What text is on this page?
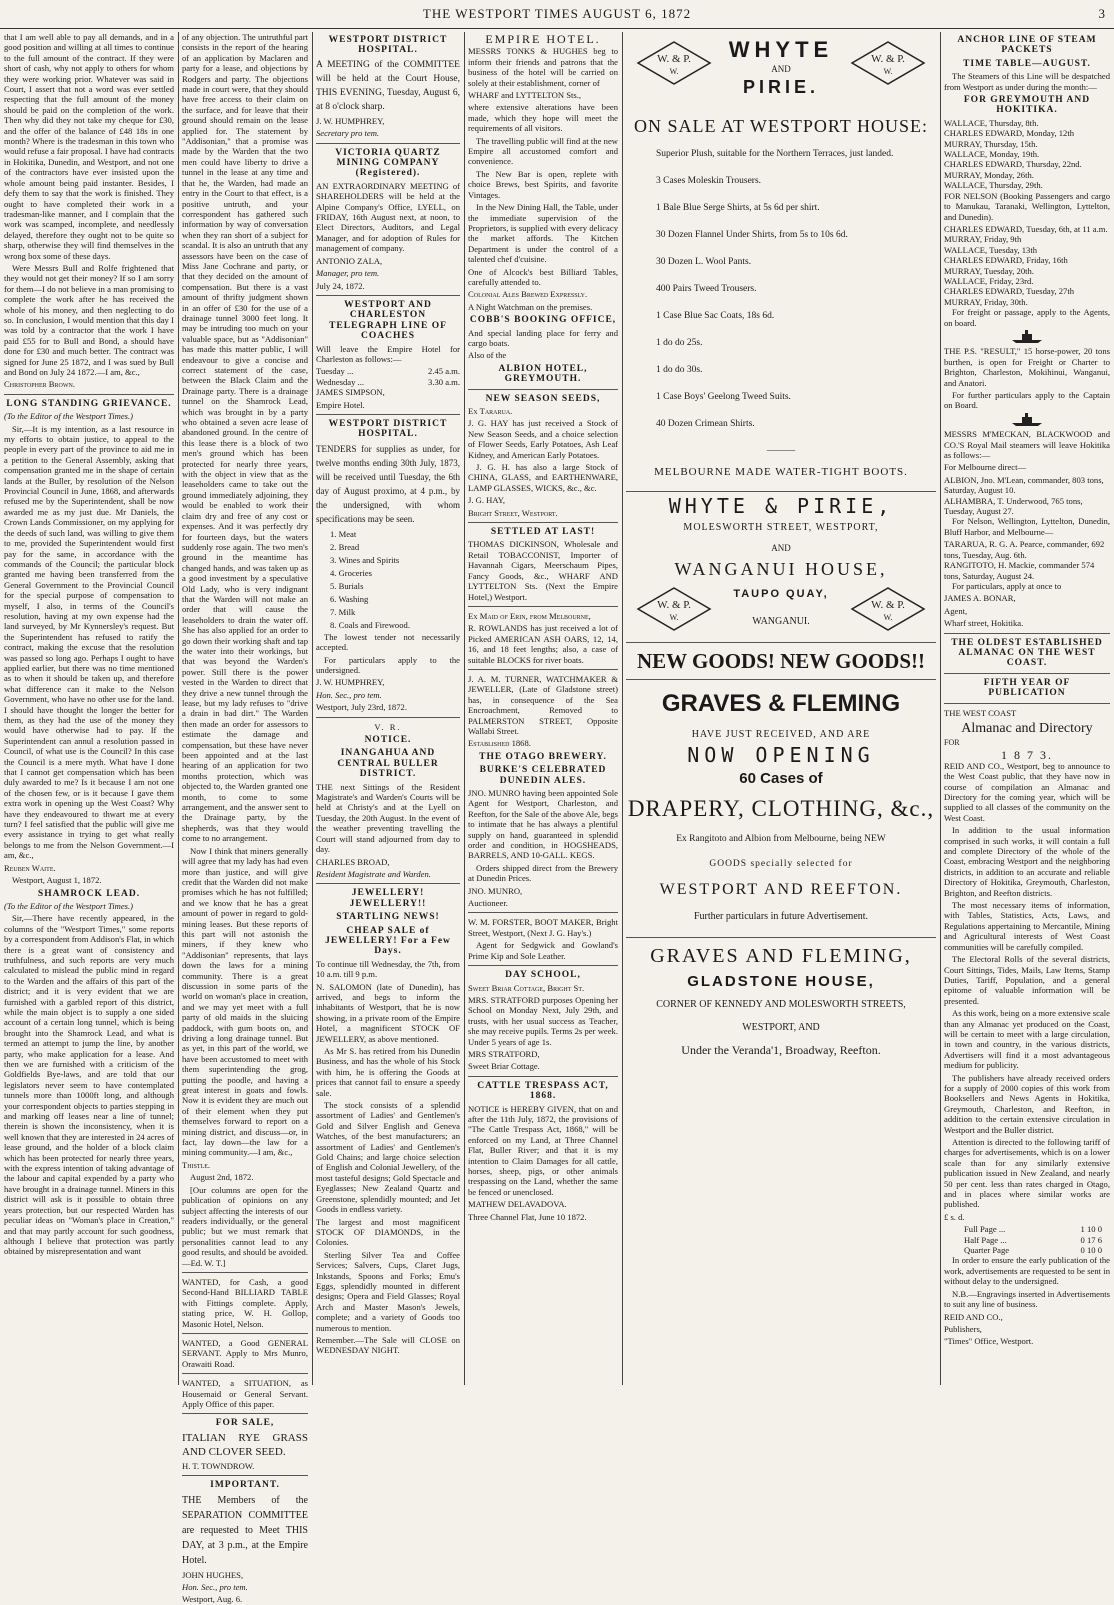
THE WESTPORT TIMES AUGUST 6, 1872	3

that I am well able to pay all demands, and in a good position and willing at all times to continue to the full amount of the contract. If they were short of cash, why not apply to others for whom they were working prior. Whatever was said in Court, I assert that not a word was ever settled respecting that the full amount of the money should be paid on the completion of the work. Then why did they not take my cheque for £30, and the offer of the balance of £48 18s in one month? Where is the tradesman in this town who would refuse a fair proposal. I have had contracts in Hokitika, Dunedin, and Westport, and not one of the contractors have ever insisted upon the whole amount being paid instanter. Besides, I defy them to say that the work is finished. They ought to have completed their work in a tradesman-like manner, and I complain that the work was scamped, incomplete, and needlessly delayed, therefore they ought not to be quite so sharp, otherwise they will find themselves in the wrong box some of these days.

Were Messrs Bull and Rolfe frightened that they would not get their money? If so I am sorry for them—I do not believe in a man promising to complete the work after he has received the whole of his money, and then neglecting to do so. In conclusion, I would mention that this day I was told by a contractor that the work I have paid £55 for to Bull and Bond, a should have done for £30 and much better. The contract was signed for June 25 1872, and I was sued by Bull and Bond on July 24 1872.—I am, &c.,

Christopher Brown.

LONG STANDING GRIEVANCE.

(To the Editor of the Westport Times.)

Sir,—It is my intention, as a last resource in my efforts to obtain justice, to appeal to the people in every part of the province to aid me in a petition to the General Assembly, asking that compensation granted me in the shape of certain lands at the Buller, by resolution of the Nelson Provincial Council in June, 1868, and afterwards refused me by the Superintendent, shall be now awarded me as my just due. Mr Daniels, the Crown Lands Commissioner, on my applying for the deeds of such land, was willing to give them to me, provided the Superintendent would first pay for the same, in accordance with the commands of the Council; the particular block granted me having been transferred from the General Government to the Provincial Council for the special purpose of compensation to myself, I also, in terms of the Council's resolution, having at my own expense had the land surveyed, by Mr Kynnersley's request. But the Superintendent has refused to ratify the contract, making the excuse that the resolution was passed so long ago. Perhaps I ought to have applied earlier, but there was no time mentioned as to when it should be taken up, and therefore what difference can it make to the Nelson Government, who have no other use for the land. I should have thought the longer the better for them, as they had the use of the money they would have otherwise had to pay. If the Superintendent can annul a resolution passed in Council, of what use is the Council? In this case the Council is a mere myth. What have I done that I cannot get compensation which has been duly awarded to me? Is it because I am not one of the chosen few, or is it because I gave them extra work in opening up the West Coast? Why have they endeavoured to thwart me at every turn? I feel satisfied that the public will give me every assistance in trying to get what really belongs to me from the Nelson Government.—I am, &c.,

Reuben Waite.

Westport, August 1, 1872.

SHAMROCK LEAD.

(To the Editor of the Westport Times.)

Sir,—There have recently appeared, in the columns of the "Westport Times," some reports by a correspondent from Addison's Flat, in which there is a great want of consistency and truthfulness, and such reports are very much calculated to mislead the public mind in regard to the Warden and the affairs of this part of the district; and it is very evident that we are furnished with a garbled report of this district, while the main object is to supply a one sided account of a certain long tunnel, which is being brought into the Shamrock Lead, and what is termed an attempt to jump the line, by another party, who make application for a lease. And then we are furnished with a criticism of the Goldfields Bye-laws, and are told that our legislators never seem to have contemplated tunnels more than 1000ft long, and although your correspondent objects to parties stepping in and marking off leases near a line of tunnel; therein is shown the inconsistency, when it is well known that they are interested in 24 acres of lease ground, and the holder of a block claim which has been protected for nearly three years, with the express intention of taking advantage of the labour and capital expended by a party who have brought in a drainage tunnel. Miners in this district will ask is it possible to obtain three years protection, but our respected Warden has peculiar ideas on "Woman's place in Creation," and that may partly account for such goodness, although I believe that protection was partly obtained by misrepresentation and want

of any objection. The untruthful part consists in the report of the hearing of an application by Maclaren and party for a lease, and objections by Rodgers and party. The objections made in court were, that they should have free access to their claim on the surface, and for leave that their ground should remain on the lease applied for. The statement by "Addisonian," that a promise was made by the Warden that the two men could have liberty to drive a tunnel in the lease at any time and that he, the Warden, had made an entry in the Court to that effect, is a positive untruth, and your correspondent has gathered such information by way of conversation when they ran short of a subject for scandal. It is also an untruth that any assessors have been on the case of Miss Jane Cochrane and party, or that they decided on the amount of compensation. But there is a vast amount of thrifty judgment shown in an offer of £30 for the use of a drainage tunnel 3000 feet long. It may be intruding too much on your valuable space, but as "Addisonian" has made this matter public, I will endeavour to give a concise and correct statement of the case, between the Black Claim and the Drainage party. There is a drainage tunnel on the Shamrock Lead, which was brought in by a party who obtained a seven acre lease of abandoned ground. In the centre of this lease there is a block of two men's ground which has been protected for nearly three years, with the object in view that as the leaseholders came to take out the ground immediately adjoining, they would be enabled to work their claim dry and free of any cost or expenses. And it was perfectly dry for fourteen days, but the waters suddenly rose again. The two men's ground in the meantime has changed hands, and was taken up as a good investment by a speculative Old Lady, who is very indignant that the Warden will not make an order that will cause the leaseholders to drain the water off. She has also applied for an order to go down their working shaft and tap the water into their workings, but that was beyond the Warden's power. Still there is the power vested in the Warden to direct that they drive a new tunnel through the lease, but my lady refuses to "drive a drain in bad dirt." The Warden then made an order for assessors to estimate the damage and compensation, but these have never been appointed and at the last hearing of an application for two months protection, which was objected to, the Warden granted one month, to come to some arrangement, and the answer sent to the Drainage party, by the shepherds, was that they would come to no arrangement.

Now I think that miners generally will agree that my lady has had even more than justice, and will give credit that the Warden did not make promises which he has not fulfilled; and we know that he has a great amount of power in regard to gold-mining leases. But these reports of this part will not astonish the miners, if they knew who "Addisonian" represents, that lays down the laws for a mining community. There is a great discussion in some parts of the world on woman's place in creation, and we may yet meet with a full party of old maids in the sluicing paddock, with gum boots on, and driving a long drainage tunnel. But as yet, in this part of the world, we have been accustomed to meet with them superintending the grog, putting the poodle, and having a great interest in goats and fowls. Now it is evident they are much out of their element when they put themselves forward to report on a mining district, and discuss—or, in fact, lay down—the law for a mining community.—I am, &c.,

Thistle.

August 2nd, 1872.

[Our columns are open for the publication of opinions on any subject affecting the interests of our readers individually, or the general public; but we must remark that personalities cannot lead to any good results, and should be avoided.—Ed. W. T.]

WANTED, for Cash, a good Second-Hand BILLIARD TABLE with Fittings complete. Apply, stating price, W. H. Gollop, Masonic Hotel, Nelson.

WANTED, a Good GENERAL SERVANT. Apply to Mrs Munro, Orawaiti Road.

WANTED, a SITUATION, as Housemaid or General Servant. Apply Office of this paper.

FOR SALE,

ITALIAN RYE GRASS AND CLOVER SEED.

H. T. TOWNDROW.

IMPORTANT.

THE Members of the SEPARATION COMMITTEE are requested to Meet THIS DAY, at 3 p.m., at the Empire Hotel.

JOHN HUGHES,

Hon. Sec., pro tem.

Westport, Aug. 6.

WESTPORT DISTRICT HOSPITAL.

A MEETING of the COMMITTEE will be held at the Court House, THIS EVENING, Tuesday, August 6, at 8 o'clock sharp.

J. W. HUMPHREY,

Secretary pro tem.

VICTORIA QUARTZ MINING COMPANY (Registered).

AN EXTRAORDINARY MEETING of SHAREHOLDERS will be held at the Alpine Company's Office, LYELL, on FRIDAY, 16th August next, at noon, to Elect Directors, Auditors, and Legal Manager, and for adoption of Rules for management of company.

ANTONIO ZALA,

Manager, pro tem.

July 24, 1872.

WESTPORT AND CHARLESTON TELEGRAPH LINE OF COACHES

Will leave the Empire Hotel for Charleston as follows:—

Tuesday ...	2.45 a.m.
Wednesday ...	3.30 a.m.

JAMES SIMPSON,

Empire Hotel.

WESTPORT DISTRICT HOSPITAL.

TENDERS for supplies as under, for twelve months ending 30th July, 1873, will be received until Tuesday, the 6th day of August proximo, at 4 p.m., by the undersigned, with whom specifications may be seen.

1. Meat
2. Bread
3. Wines and Spirits
4. Groceries
5. Burials
6. Washing
7. Milk
8. Coals and Firewood.

The lowest tender not necessarily accepted.

For particulars apply to the undersigned.

J. W. HUMPHREY,

Hon. Sec., pro tem.

Westport, July 23rd, 1872.

V. R.
NOTICE.
INANGAHUA AND CENTRAL BULLER DISTRICT.

THE next Sittings of the Resident Magistrate's and Warden's Courts will be held at Christy's and at the Lyell on Tuesday, the 20th August. In the event of the weather preventing travelling the Court will stand adjourned from day to day.

CHARLES BROAD,

Resident Magistrate and Warden.

JEWELLERY! JEWELLERY!!
STARTLING NEWS!
CHEAP SALE of JEWELLERY! For a Few Days.

To continue till Wednesday, the 7th, from 10 a.m. till 9 p.m.

N. SALOMON (late of Dunedin), has arrived, and begs to inform the inhabitants of Westport, that he is now showing, in a private room of the Empire Hotel, a magnificent STOCK OF JEWELLERY, as above mentioned.

As Mr S. has retired from his Dunedin Business, and has the whole of his Stock with him, he is offering the Goods at prices that cannot fail to ensure a speedy sale.

The stock consists of a splendid assortment of Ladies' and Gentlemen's Gold and Silver English and Geneva Watches, of the best manufacturers; an assortment of Ladies' and Gentlemen's Gold Chains; and large choice selection of English and Colonial Jewellery, of the most tasteful designs; Gold Spectacle and Eyeglasses; New Zealand Quartz and Greenstone, splendidly mounted; and Jet Goods in endless variety.

The largest and most magnificent STOCK OF DIAMONDS, in the Colonies.

Sterling Silver Tea and Coffee Services; Salvers, Cups, Claret Jugs, Inkstands, Spoons and Forks; Emu's Eggs, splendidly mounted in different designs; Opera and Field Glasses; Royal Arch and Master Mason's Jewels, complete; and a variety of Goods too numerous to mention.

Remember.—The Sale will CLOSE on WEDNESDAY NIGHT.

EMPIRE HOTEL.

MESSRS TONKS & HUGHES beg to inform their friends and patrons that the business of the hotel will be carried on solely at their establishment, corner of

WHARF and LYTTELTON Sts.,

where extensive alterations have been made, which they hope will meet the requirements of all visitors.

The travelling public will find at the new Empire all accustomed comfort and convenience.

The New Bar is open, replete with choice Brews, best Spirits, and favorite Vintages.

In the New Dining Hall, the Table, under the immediate supervision of the Proprietors, is supplied with every delicacy the market affords. The Kitchen Department is under the control of a talented chef d'cuisine.

One of Alcock's best Billiard Tables, carefully attended to.

Colonial Ales Brewed Expressly.

A Night Watchman on the premises.

COBB'S BOOKING OFFICE,

And special landing place for ferry and cargo boats.

Also of the

ALBION HOTEL, GREYMOUTH.
NEW SEASON SEEDS,

Ex Tararua.

J. G. HAY has just received a Stock of New Season Seeds, and a choice selection of Flower Seeds, Early Potatoes, Ash Leaf Kidney, and American Early Potatoes.

J. G. H. has also a large Stock of CHINA, GLASS, and EARTHENWARE, LAMP GLASSES, WICKS, &c., &c.

J. G. HAY,

Bright Street, Westport.

SETTLED AT LAST!

THOMAS DICKINSON, Wholesale and Retail TOBACCONIST, Importer of Havannah Cigars, Meerschaum Pipes, Fancy Goods, &c., WHARF AND LYTTELTON Sts. (Next the Empire Hotel,) Westport.

Ex Maid of Erin, from Melbourne,

R. ROWLANDS has just received a lot of Picked AMERICAN ASH OARS, 12, 14, 16, and 18 feet lengths; also, a case of suitable BLOCKS for river boats.

J. A. M. TURNER, WATCHMAKER & JEWELLER, (Late of Gladstone street) has, in consequence of the Sea Encroachment, Removed to PALMERSTON STREET, Opposite Wallabi Street.

Established 1868.

THE OTAGO BREWERY.
BURKE'S CELEBRATED DUNEDIN ALES.

JNO. MUNRO having been appointed Sole Agent for Westport, Charleston, and Reefton, for the Sale of the above Ale, begs to intimate that he has always a plentiful supply on hand, guaranteed in splendid order and condition, in HOGSHEADS, BARRELS, AND 10-GALL. KEGS.

Orders shipped direct from the Brewery at Dunedin Prices.

JNO. MUNRO,

Auctioneer.

W. M. FORSTER, BOOT MAKER, Bright Street, Westport, (Next J. G. Hay's.)

Agent for Sedgwick and Gowland's Prime Kip and Sole Leather.

DAY SCHOOL,

Sweet Briar Cottage, Bright St.

MRS. STRATFORD purposes Opening her School on Monday Next, July 29th, and trusts, with her usual success as Teacher, she may receive pupils. Terms 2s per week. Under 5 years of age 1s.

MRS STRATFORD,

Sweet Briar Cottage.

CATTLE TRESPASS ACT, 1868.

NOTICE is HEREBY GIVEN, that on and after the 11th July, 1872, the provisions of "The Cattle Trespass Act, 1868," will be enforced on my Land, at Three Channel Flat, Buller River; and that it is my intention to Claim Damages for all cattle, horses, sheep, pigs, or other animals trespassing on the Land, whether the same be fenced or unenclosed.

MATHEW DELAVADOVA.

Three Channel Flat, June 10 1872.

W. & P.
W.
W. & P.
W.
WHYTE
AND
PIRIE.
ON SALE AT WESTPORT HOUSE:
Superior Plush, suitable for the Northern Terraces, just landed.
3 Cases Moleskin Trousers.
1 Bale Blue Serge Shirts, at 5s 6d per shirt.
30 Dozen Flannel Under Shirts, from 5s to 10s 6d.
30 Dozen L. Wool Pants.
400 Pairs Tweed Trousers.
1 Case Blue Sac Coats, 18s 6d.
1 do do 25s.
1 do do 30s.
1 Case Boys' Geelong Tweed Suits.
40 Dozen Crimean Shirts.
———
MELBOURNE MADE WATER-TIGHT BOOTS.
WHYTE & PIRIE,
MOLESWORTH STREET, WESTPORT,
AND
WANGANUI HOUSE,
W. & P.
W.
W. & P.
W.
TAUPO QUAY,
WANGANUI.
NEW GOODS! NEW GOODS!!
GRAVES & FLEMING
HAVE JUST RECEIVED, AND ARE
NOW OPENING
60 Cases of
DRAPERY, CLOTHING, &c.,
Ex Rangitoto and Albion from Melbourne, being NEW
GOODS specially selected for
WESTPORT AND REEFTON.
Further particulars in future Advertisement.
GRAVES AND FLEMING,
GLADSTONE HOUSE,
CORNER OF KENNEDY AND MOLESWORTH STREETS,
WESTPORT, AND
Under the Veranda'1, Broadway, Reefton.
ANCHOR LINE OF STEAM PACKETS
TIME TABLE—AUGUST.

The Steamers of this Line will be despatched from Westport as under during the month:—

FOR GREYMOUTH AND HOKITIKA.
WALLACE, Thursday, 8th.
CHARLES EDWARD, Monday, 12th
MURRAY, Thursday, 15th.
WALLACE, Monday, 19th.
CHARLES EDWARD, Thursday, 22nd.
MURRAY, Monday, 26th.
WALLACE, Thursday, 29th.

FOR NELSON (Booking Passengers and cargo to Manukau, Taranaki, Wellington, Lyttelton, and Dunedin).

CHARLES EDWARD, Tuesday, 6th, at 11 a.m.
MURRAY, Friday, 9th
WALLACE, Tuesday, 13th
CHARLES EDWARD, Friday, 16th
MURRAY, Tuesday, 20th.
WALLACE, Friday, 23rd.
CHARLES EDWARD, Tuesday, 27th
MURRAY, Friday, 30th.

For freight or passage, apply to the Agents, on board.

THE P.S. "RESULT," 15 horse-power, 20 tons burthen, is open for Freight or Charter to Brighton, Charleston, Mokihinui, Wanganui, and Anatori.

For further particulars apply to the Captain on Board.

MESSRS M'MECKAN, BLACKWOOD and CO.'S Royal Mail steamers will leave Hokitika as follows:—

For Melbourne direct—

ALBION, Jno. M'Lean, commander, 803 tons, Saturday, August 10.
ALHAMBRA, T. Underwood, 765 tons, Tuesday, August 27.

For Nelson, Wellington, Lyttelton, Dunedin, Bluff Harbor, and Melbourne—

TARARUA, R. G. A. Pearce, commander, 692 tons, Tuesday, Aug. 6th.
RANGITOTO, H. Mackie, commander 574 tons, Saturday, August 24.

For particulars, apply at once to

JAMES A. BONAR,

Agent,

Wharf street, Hokitika.

THE OLDEST ESTABLISHED ALMANAC ON THE WEST COAST.
FIFTH YEAR OF PUBLICATION

THE WEST COAST

Almanac and Directory

FOR

1 8 7 3.

REID AND CO., Westport, beg to announce to the West Coast public, that they have now in course of compilation an Almanac and Directory for the coming year, which will be supplied to all classes of the community on the West Coast.

In addition to the usual information comprised in such works, it will contain a full and complete Directory of the whole of the Coast, embracing Westport and the neighboring districts, in addition to an accurate and reliable Directory of Hokitika, Greymouth, Charleston, Brighton, and Reefton districts.

The most necessary items of information, with Tables, Statistics, Acts, Laws, and Regulations appertaining to Mercantile, Mining and Agricultural interests of West Coast communities will be carefully compiled.

The Electoral Rolls of the several districts, Court Sittings, Tides, Mails, Law Items, Stamp Duties, Tariff, Population, and a general epitome of valuable information will be presented.

As this work, being on a more extensive scale than any Almanac yet produced on the Coast, will be certain to meet with a large circulation, in town and country, in the various districts, Advertisers will find it a most advantageous medium for publicity.

The publishers have already received orders for a supply of 2000 copies of this work from Booksellers and News Agents in Hokitika, Greymouth, Charleston, and Reefton, in addition to the certain extensive circulation in Westport and the Buller district.

Attention is directed to the following tariff of charges for advertisements, which is on a lower scale than for any similarly extensive publication issued in New Zealand, and nearly 50 per cent. less than rates charged in Otago, and in places where similar works are published.

£ s. d.

Full Page ...	1 10 0
Half Page ...	0 17 6
Quarter Page	0 10 0

In order to ensure the early publication of the work, advertisements are requested to be sent in without delay to the undersigned.

N.B.—Engravings inserted in Advertisements to suit any line of business.

REID AND CO.,

Publishers,

"Times" Office, Westport.
